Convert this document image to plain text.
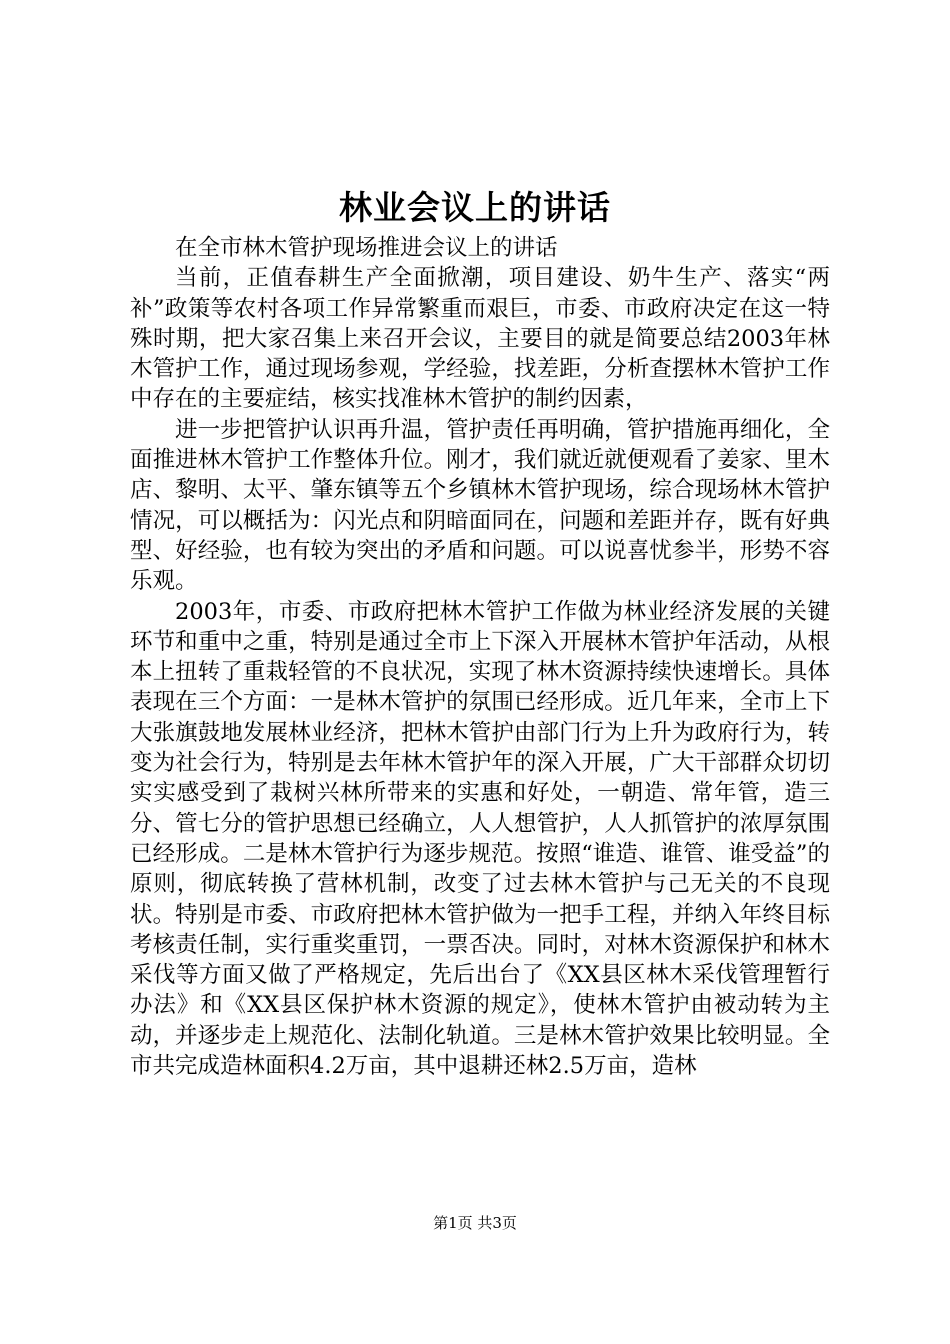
林业会议上的讲话

在全市林木管护现场推进会议上的讲话

当前，正值春耕生产全面掀潮，项目建设、奶牛生产、落实“两补”政策等农村各项工作异常繁重而艰巨，市委、市政府决定在这一特殊时期，把大家召集上来召开会议，主要目的就是简要总结2003年林木管护工作，通过现场参观，学经验，找差距，分析查摆林木管护工作中存在的主要症结，核实找准林木管护的制约因素，

进一步把管护认识再升温，管护责任再明确，管护措施再细化，全面推进林木管护工作整体升位。刚才，我们就近就便观看了姜家、里木店、黎明、太平、肇东镇等五个乡镇林木管护现场，综合现场林木管护情况，可以概括为：闪光点和阴暗面同在，问题和差距并存，既有好典型、好经验，也有较为突出的矛盾和问题。可以说喜忧参半，形势不容乐观。

2003年，市委、市政府把林木管护工作做为林业经济发展的关键环节和重中之重，特别是通过全市上下深入开展林木管护年活动，从根本上扭转了重栽轻管的不良状况，实现了林木资源持续快速增长。具体表现在三个方面：一是林木管护的氛围已经形成。近几年来，全市上下大张旗鼓地发展林业经济，把林木管护由部门行为上升为政府行为，转变为社会行为，特别是去年林木管护年的深入开展，广大干部群众切切实实感受到了栽树兴林所带来的实惠和好处，一朝造、常年管，造三分、管七分的管护思想已经确立，人人想管护，人人抓管护的浓厚氛围已经形成。二是林木管护行为逐步规范。按照“谁造、谁管、谁受益”的原则，彻底转换了营林机制，改变了过去林木管护与己无关的不良现状。特别是市委、市政府把林木管护做为一把手工程，并纳入年终目标考核责任制，实行重奖重罚，一票否决。同时，对林木资源保护和林木采伐等方面又做了严格规定，先后出台了《XX县区林木采伐管理暂行办法》和《XX县区保护林木资源的规定》，使林木管护由被动转为主动，并逐步走上规范化、法制化轨道。三是林木管护效果比较明显。全市共完成造林面积4.2万亩，其中退耕还林2.5万亩，造林

第1页 共3页
